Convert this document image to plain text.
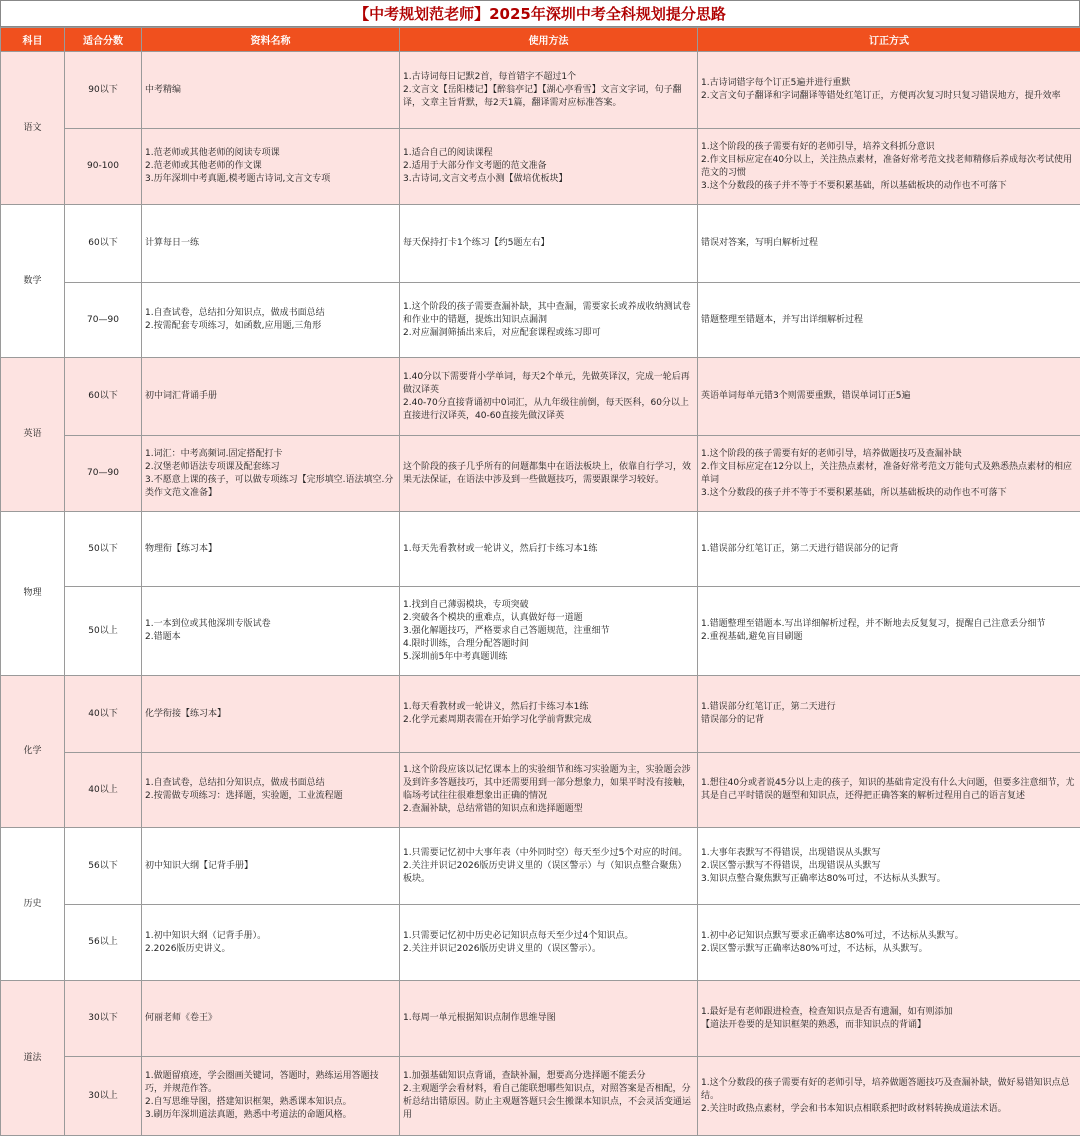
【中考规划范老师】2025年深圳中考全科规划提分思路
科目	适合分数	资料名称	使用方法	订正方式
语文	90以下	中考精编	1.古诗词每日记默2首，每首错字不超过1个
2.文言文【岳阳楼记】【醉翁亭记】【湖心亭看雪】文言文字词，句子翻译，文章主旨背默，每2天1篇，翻译需对应标准答案。	1.古诗词错字每个订正5遍并进行重默
2.文言文句子翻译和字词翻译等错处红笔订正，方便再次复习时只复习错误地方，提升效率
	90-100	1.范老师或其他老师的阅读专项课
2.范老师或其他老师的作文课
3.历年深圳中考真题,模考题古诗词,文言文专项	1.适合自己的阅读课程
2.适用于大部分作文考题的范文准备
3.古诗词,文言文考点小测【做培优板块】	1.这个阶段的孩子需要有好的老师引导，培养文科抓分意识
2.作文目标应定在40分以上，关注热点素材，准备好常考范文找老师精修后养成每次考试使用范文的习惯
3.这个分数段的孩子并不等于不要积累基础，所以基础板块的动作也不可落下
数学	60以下	计算每日一练	每天保持打卡1个练习【约5题左右】	错误对答案，写明白解析过程
	70—90	1.自查试卷，总结扣分知识点，做成书面总结
2.按需配套专项练习，如函数,应用题,三角形	1.这个阶段的孩子需要查漏补缺，其中查漏，需要家长或养成收纳测试卷和作业中的错题，提炼出知识点漏洞
2.对应漏洞筛插出来后，对应配套课程或练习即可	错题整理至错题本，并写出详细解析过程
英语	60以下	初中词汇背诵手册	1.40分以下需要背小学单词，每天2个单元，先做英译汉，完成一轮后再做汉译英
2.40-70分直接背诵初中0词汇，从九年级往前倒，每天医科，60分以上直接进行汉译英，40-60直接先做汉译英	英语单词每单元错3个则需要重默，错误单词订正5遍
	70—90	1.词汇：中考高频词.固定搭配打卡
2.汉堡老师语法专项课及配套练习
3.不愿意上课的孩子，可以做专项练习【完形填空.语法填空.分类作文范文准备】	这个阶段的孩子几乎所有的问题都集中在语法板块上，依靠自行学习，效果无法保证，在语法中涉及到一些做题技巧，需要跟课学习较好。	1.这个阶段的孩子需要有好的老师引导，培养做题技巧及查漏补缺
2.作文目标应定在12分以上，关注热点素材，准备好常考范文万能句式及熟悉热点素材的相应单词
3.这个分数段的孩子并不等于不要积累基础，所以基础板块的动作也不可落下
物理	50以下	物理衔【练习本】	1.每天先看教材或一轮讲义，然后打卡练习本1练	1.错误部分红笔订正，第二天进行错误部分的记背
	50以上	1.一本到位或其他深圳专版试卷
2.错题本	1.找到自己薄弱模块，专项突破
2.突破各个模块的重难点，认真做好每一道题
3.强化解题技巧，严格要求自己答题规范，注重细节
4.限时训练，合理分配答题时间
5.深圳前5年中考真题训练	1.错题整理至错题本.写出详细解析过程，并不断地去反复复习，提醒自己注意丢分细节
2.重视基础,避免盲目刷题
化学	40以下	化学衔接【练习本】	1.每天看教材或一轮讲义，然后打卡练习本1练
2.化学元素周期表需在开始学习化学前背默完成	1.错误部分红笔订正，第二天进行
错误部分的记背
	40以上	1.自查试卷，总结扣分知识点，做成书面总结
2.按需做专项练习：选择题，实验题，工业流程题	1.这个阶段应该以记忆课本上的实验细节和练习实验题为主，实验题会涉及到许多答题技巧，其中还需要用到一部分想象力，如果平时没有接触，临场考试往往很难想象出正确的情况
2.查漏补缺，总结常错的知识点和选择题题型	1.想往40分或者说45分以上走的孩子，知识的基础肯定没有什么大问题，但要多注意细节，尤其是自己平时错误的题型和知识点，还得把正确答案的解析过程用自己的语言复述
历史	56以下	初中知识大纲【记背手册】	1.只需要记忆初中大事年表（中外同时空）每天至少过5个对应的时间。
2.关注并识记2026版历史讲义里的（误区警示）与（知识点整合聚焦）板块。	1.大事年表默写不得错误，出现错误从头默写
2.误区警示默写不得错误，出现错误从头默写
3.知识点整合聚焦默写正确率达80%可过，不达标从头默写。
	56以上	1.初中知识大纲（记背手册）。
2.2026版历史讲义。	1.只需要记忆初中历史必记知识点每天至少过4个知识点。
2.关注并识记2026版历史讲义里的（误区警示）。	1.初中必记知识点默写要求正确率达80%可过，不达标从头默写。
2.误区警示默写正确率达80%可过，不达标，从头默写。
道法	30以下	何丽老师《卷王》	1.每周一单元根据知识点制作思维导图	1.最好是有老师跟进检查，检查知识点是否有遗漏，如有则添加
【道法开卷要的是知识框架的熟悉，而非知识点的背诵】
	30以上	1.做题留痕迹，学会圈画关键词，答题时，熟练运用答题技巧，并规范作答。
2.自写思维导图，搭建知识框架，熟悉课本知识点。
3.刷历年深圳道法真题，熟悉中考道法的命题风格。	1.加强基础知识点背诵，查缺补漏，想要高分选择题不能丢分
2.主观题学会看材料，看自己能联想哪些知识点，对照答案是否相配，分析总结出错原因。防止主观题答题只会生搬课本知识点，不会灵活变通运用	1.这个分数段的孩子需要有好的老师引导，培养做题答题技巧及查漏补缺，做好易错知识点总结。
2.关注时政热点素材，学会和书本知识点相联系把时政材料转换成道法术语。
